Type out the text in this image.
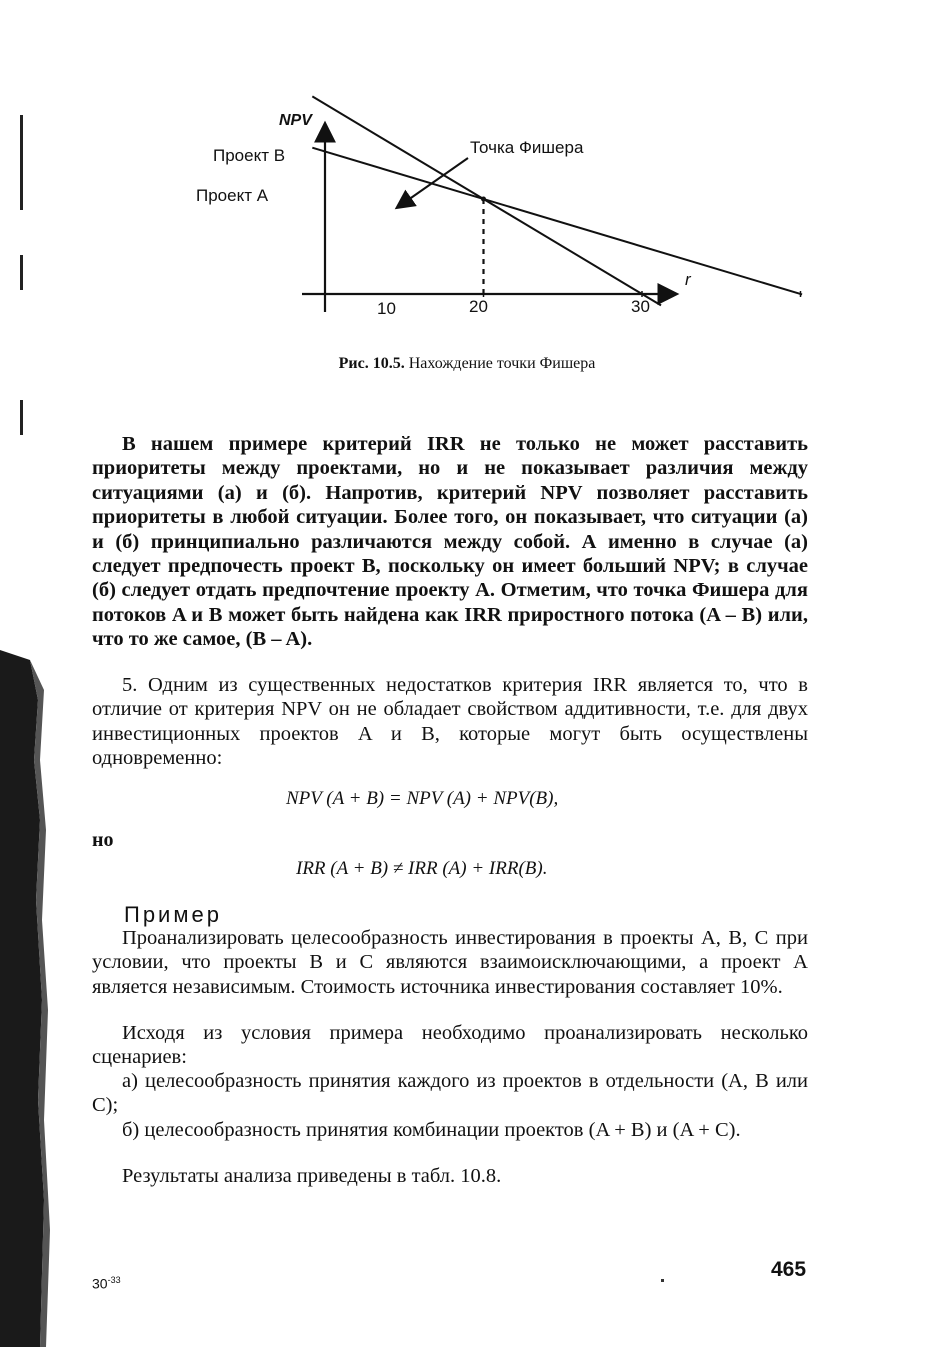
NPV
r
Проект B
Проект A
Точка Фишера
10	20	30
Рис. 10.5. Нахождение точки Фишера

В нашем примере критерий IRR не только не может расставить приоритеты между проектами, но и не показывает различия между ситуациями (а) и (б). Напротив, критерий NPV позволяет расставить приоритеты в любой ситуации. Более того, он показывает, что ситуации (а) и (б) принципиально различаются между собой. А именно в случае (а) следует предпочесть проект B, поскольку он имеет больший NPV; в случае (б) следует отдать предпочтение проекту A. Отметим, что точка Фишера для потоков A и B может быть найдена как IRR приростного потока (A – B) или, что то же самое, (B – A).

5. Одним из существенных недостатков критерия IRR является то, что в отличие от критерия NPV он не обладает свойством аддитивности, т.е. для двух инвестиционных проектов A и B, которые могут быть осуществлены одновременно:

NPV (A + B) = NPV (A) + NPV(B),
но
IRR (A + B) ≠ IRR (A) + IRR(B).
Пример

Проанализировать целесообразность инвестирования в проекты A, B, C при условии, что проекты B и C являются взаимоисключающими, а проект A является независимым. Стоимость источника инвестирования составляет 10%.

Исходя из условия примера необходимо проанализировать несколько сценариев:

а) целесообразность принятия каждого из проектов в отдельности (A, B или C);

б) целесообразность принятия комбинации проектов (A + B) и (A + C).

Результаты анализа приведены в табл. 10.8.

465
$30^{-33}$
